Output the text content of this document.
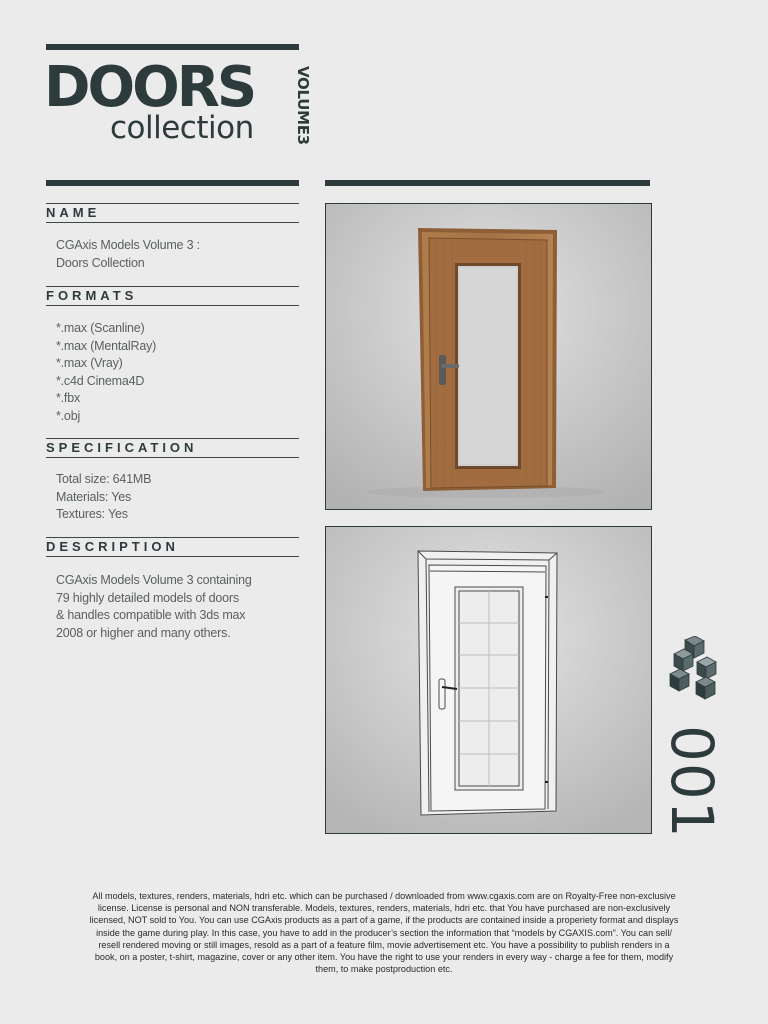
DOORS
collection	VOLUME3
NAME
CGAxis Models Volume 3 :
Doors Collection
FORMATS
*.max (Scanline)
*.max (MentalRay)
*.max (Vray)
*.c4d Cinema4D
*.fbx
*.obj
SPECIFICATION
Total size: 641MB
Materials: Yes
Textures: Yes
DESCRIPTION
CGAxis Models Volume 3 containing
79 highly detailed models of doors
& handles compatible with 3ds max
2008 or higher and many others.
001
All models, textures, renders, materials, hdri etc. which can be purchased / downloaded from www.cgaxis.com are on Royalty-Free non-exclusive
license. License is personal and NON transferable. Models, textures, renders, materials, hdri etc. that You have purchased are non-exclusively
licensed, NOT sold to You. You can use CGAxis products as a part of a game, if the products are contained inside a properiety format and displays
inside the game during play. In this case, you have to add in the producer’s section the information that “models by CGAXIS.com”. You can sell/
resell rendered moving or still images, resold as a part of a feature film, movie advertisement etc. You have a possibility to publish renders in a
book, on a poster, t-shirt, magazine, cover or any other item. You have the right to use your renders in every way - charge a fee for them, modify
them, to make postproduction etc.
